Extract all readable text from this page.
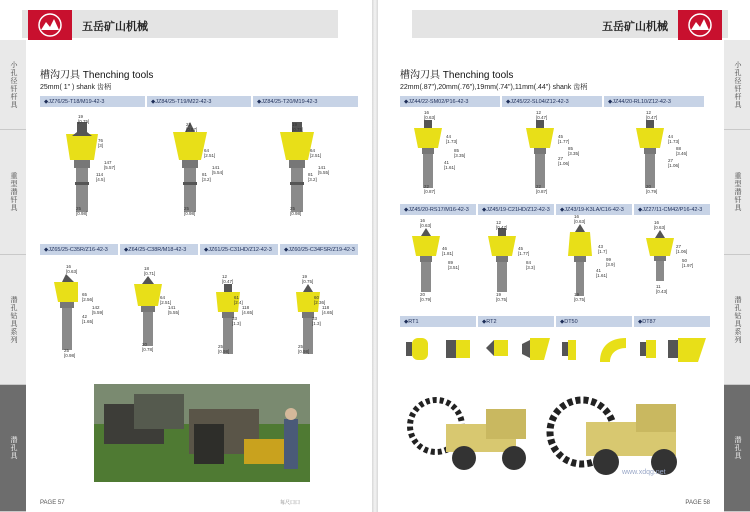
小孔径钎杆具
重型潜钎具
潜孔钻具系列
潜孔具
五岳矿山机械
槽沟刀具 Thenching tools
25mm( 1" ) shank 齿柄
◆JZ76/25-T18/M19-42-3	◆JZ84/25-T19/M22-42-3	◆JZ84/25-T20/M19-42-3
19
[0.75]
76
[3]
147
[5.57]
114
[4.5]
25
[0.98]
22
[0.87]
64
[2.51]
141
[5.54]
81
[3.2]
25
[0.98]
19
[0.75]
64
[2.51]
141
[5.55]
81
[3.2]
25
[0.98]
◆JZ65/25-C35R/Z16-42-3	◆Z64/25-C38R/M18-42-3	◆JZ61/25-C31HD/Z12-42-3	◆JZ60/25-C34FSR/Z19-42-3
16
[0.63]
65
[2.56]
142
[5.59]
42
[1.65]
25
[0.98]
18
[0.71]
64
[2.51]
141
[5.55]
20
[0.78]
12
[0.47]
61
[2.4]
118
[4.65]
33
[1.3]
25
[0.98]
19
[0.75]
60
[2.36]
118
[4.65]
33
[1.3]
25
[0.98]
PAGE 57	每尺口口
小孔径钎杆具
重型潜钎具
潜孔钻具系列
潜孔具
五岳矿山机械
槽沟刀具 Thenching tools
22mm(.87"),20mm(.76"),19mm(.74"),11mm(.44") shank 齿柄
◆JZ44/22-SM02/P16-42-3	◆JZ45/22-SL04/Z12-42-3	◆JZ44/20-RL10/Z12-42-3
16
[0.63]
44
[1.73]
85
[3.35]
41
[1.61]
22
[0.87]
12
[0.47]
45
[1.77]
85
[3.35]
27
[1.06]
22
[0.87]
12
[0.47]
44
[1.73]
88
[3.46]
27
[1.06]
20
[0.79]
◆JZ45/20-RS17/M16-42-3	◆JZ45/19-C21HD/Z12-42-3	◆JZ43/19-K3LA/C16-42-3	◆JZ27/11-CM42/P16-42-3
16
[0.63]
46
[1.81]
89
[3.51]
20
[0.79]
12
[0.47]
45
[1.77]
84
[3.3]
19
[0.75]
16
[0.63]
43
[1.7]
99
[3.9]
41
[1.61]
19
[0.75]
16
[0.63]
27
[1.06]
50
[1.97]
11
[0.43]
◆RT1	◆RT2	◆DT50	◆DT87
www.xdqg.net
PAGE 58
